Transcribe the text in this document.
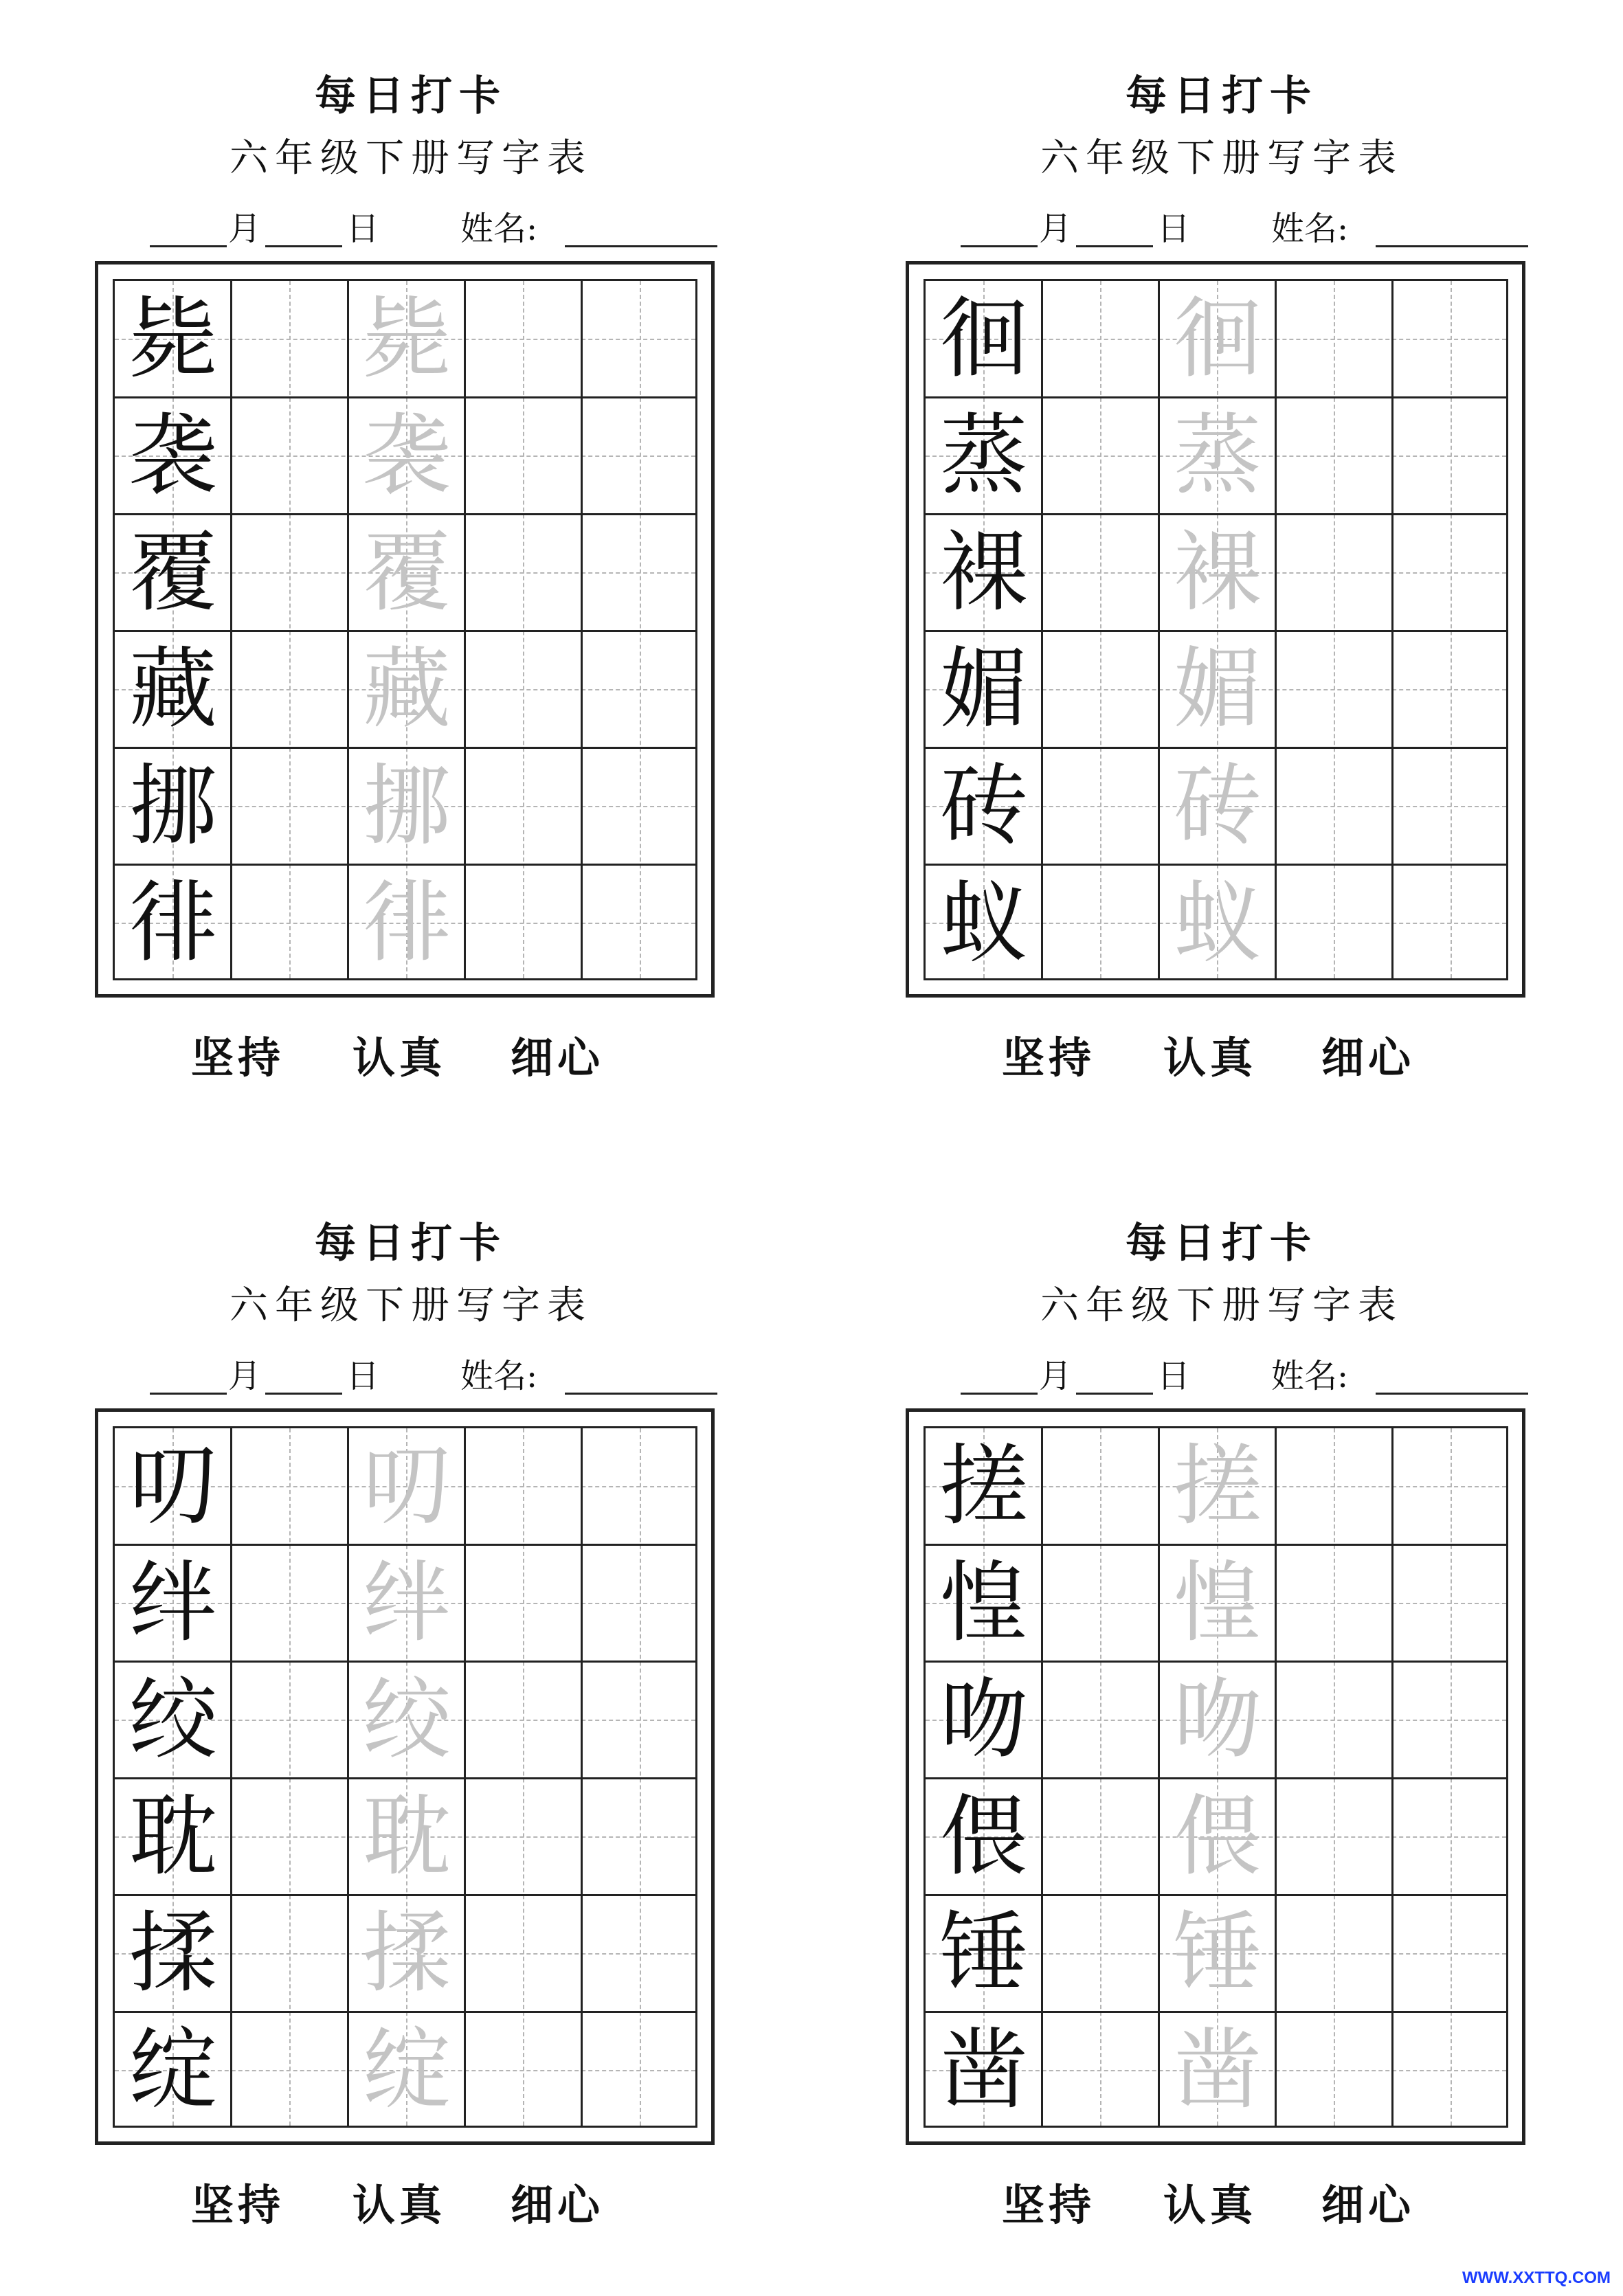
每日打卡
六年级下册写字表
月	日 姓名:
毙 毙
袭 袭
覆 覆
藏 藏
挪 挪
徘 徘
坚持 认真 细心
每日打卡
六年级下册写字表
月	日 姓名:
徊 徊
蒸 蒸
裸 裸
媚 媚
砖 砖
蚁 蚁
坚持 认真 细心
每日打卡
六年级下册写字表
月	日 姓名:
叨 叨
绊 绊
绞 绞
耽 耽
揉 揉
绽 绽
坚持 认真 细心
每日打卡
六年级下册写字表
月	日 姓名:
搓 搓
惶 惶
吻 吻
偎 偎
锤 锤
凿 凿
坚持 认真 细心
WWW.XXTTQ.COM
